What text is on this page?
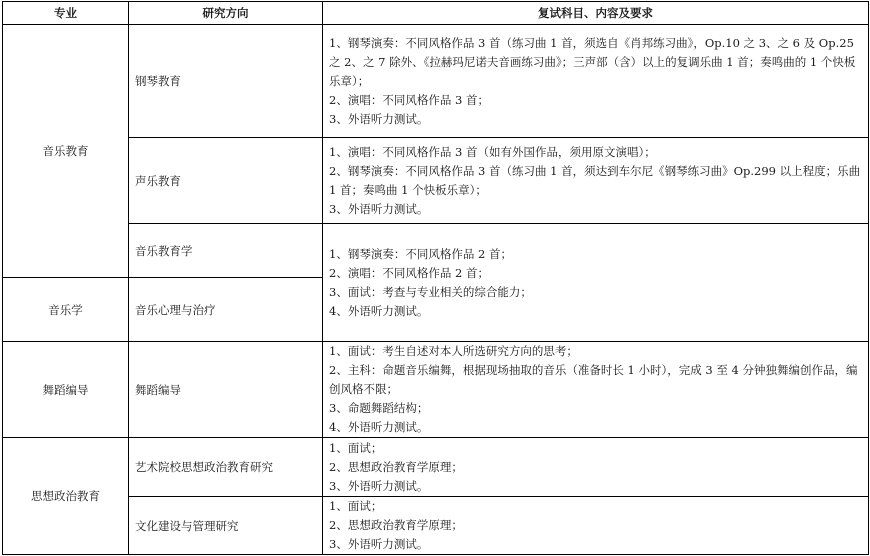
专业	研究方向	复试科目、内容及要求
音乐教育	钢琴教育	1、钢琴演奏：不同风格作品 3 首（练习曲 1 首，须选自《肖邦练习曲》，Op.10 之 3、之 6 及 Op.25 之 2、之 7 除外、《拉赫玛尼诺夫音画练习曲》；三声部（含）以上的复调乐曲 1 首；奏鸣曲的 1 个快板乐章）；

2、演唱：不同风格作品 3 首；

3、外语听力测试。

	声乐教育	1、演唱：不同风格作品 3 首（如有外国作品，须用原文演唱）；

2、钢琴演奏：不同风格作品 3 首（练习曲 1 首，须达到车尔尼《钢琴练习曲》Op.299 以上程度；乐曲 1 首；奏鸣曲 1 个快板乐章）；

3、外语听力测试。

	音乐教育学	1、钢琴演奏：不同风格作品 2 首；

2、演唱：不同风格作品 2 首；

3、面试：考查与专业相关的综合能力；

4、外语听力测试。

音乐学	音乐心理与治疗	
舞蹈编导	舞蹈编导	1、面试：考生自述对本人所选研究方向的思考；

2、主科：命题音乐编舞，根据现场抽取的音乐（准备时长 1 小时），完成 3 至 4 分钟独舞编创作品，编创风格不限；

3、命题舞蹈结构；

4、外语听力测试。

思想政治教育	艺术院校思想政治教育研究	1、面试；

2、思想政治教育学原理；

3、外语听力测试。

	文化建设与管理研究	1、面试；

2、思想政治教育学原理；

3、外语听力测试。
